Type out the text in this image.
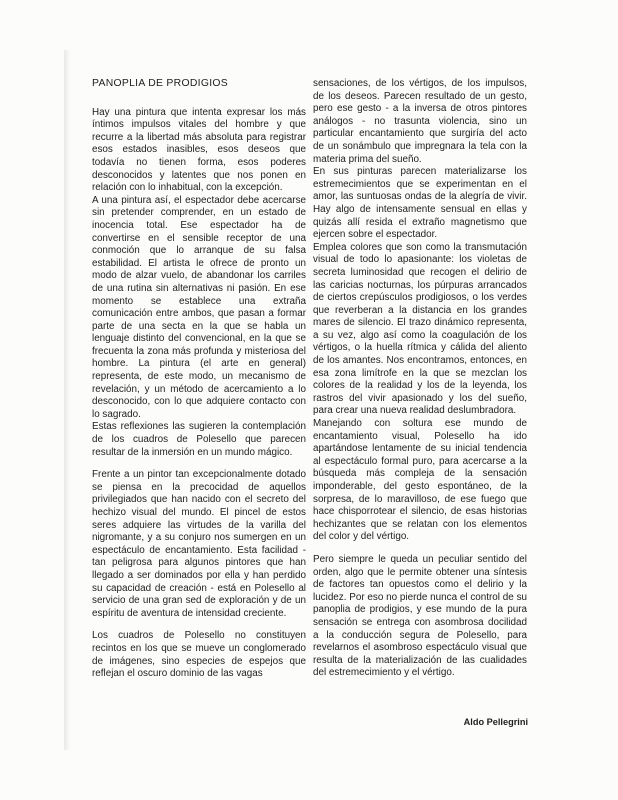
PANOPLIA DE PRODIGIOS

Hay una pintura que intenta expresar los más íntimos impulsos vitales del hombre y que recurre a la libertad más absoluta para registrar esos estados inasibles, esos deseos que todavía no tienen forma, esos poderes desconocidos y latentes que nos ponen en relación con lo inhabitual, con la excepción.

A una pintura así, el espectador debe acercarse sin pretender comprender, en un estado de inocencia total. Ese espectador ha de convertirse en el sensible receptor de una conmoción que lo arranque de su falsa estabilidad. El artista le ofrece de pronto un modo de alzar vuelo, de abandonar los carriles de una rutina sin alternativas ni pasión. En ese momento se establece una extraña comunicación entre ambos, que pasan a formar parte de una secta en la que se habla un lenguaje distinto del convencional, en la que se frecuenta la zona más profunda y misteriosa del hombre. La pintura (el arte en general) representa, de este modo, un mecanismo de revelación, y un método de acercamiento a lo desconocido, con lo que adquiere contacto con lo sagrado.

Estas reflexiones las sugieren la contemplación de los cuadros de Polesello que parecen resultar de la inmersión en un mundo mágico.

Frente a un pintor tan excepcionalmente dotado se piensa en la precocidad de aquellos privilegiados que han nacido con el secreto del hechizo visual del mundo. El pincel de estos seres adquiere las virtudes de la varilla del nigromante, y a su conjuro nos sumergen en un espectáculo de encantamiento. Esta facilidad - tan peligrosa para algunos pintores que han llegado a ser dominados por ella y han perdido su capacidad de creación - está en Polesello al servicio de una gran sed de exploración y de un espíritu de aventura de intensidad creciente.

Los cuadros de Polesello no constituyen recintos en los que se mueve un conglomerado de imágenes, sino especies de espejos que reflejan el oscuro dominio de las vagas

sensaciones, de los vértigos, de los impulsos, de los deseos. Parecen resultado de un gesto, pero ese gesto - a la inversa de otros pintores análogos - no trasunta violencia, sino un particular encantamiento que surgiría del acto de un sonámbulo que impregnara la tela con la materia prima del sueño.

En sus pinturas parecen materializarse los estremecimientos que se experimentan en el amor, las suntuosas ondas de la alegría de vivir. Hay algo de intensamente sensual en ellas y quizás allí resida el extraño magnetismo que ejercen sobre el espectador.

Emplea colores que son como la transmutación visual de todo lo apasionante: los violetas de secreta luminosidad que recogen el delirio de las caricias nocturnas, los púrpuras arrancados de ciertos crepúsculos prodigiosos, o los verdes que reverberan a la distancia en los grandes mares de silencio. El trazo dinámico representa, a su vez, algo así como la coagulación de los vértigos, o la huella rítmica y cálida del aliento de los amantes. Nos encontramos, entonces, en esa zona limítrofe en la que se mezclan los colores de la realidad y los de la leyenda, los rastros del vivir apasionado y los del sueño, para crear una nueva realidad deslumbradora.

Manejando con soltura ese mundo de encantamiento visual, Polesello ha ido apartándose lentamente de su inicial tendencia al espectáculo formal puro, para acercarse a la búsqueda más compleja de la sensación imponderable, del gesto espontáneo, de la sorpresa, de lo maravilloso, de ese fuego que hace chisporrotear el silencio, de esas historias hechizantes que se relatan con los elementos del color y del vértigo.

Pero siempre le queda un peculiar sentido del orden, algo que le permite obtener una síntesis de factores tan opuestos como el delirio y la lucidez. Por eso no pierde nunca el control de su panoplia de prodigios, y ese mundo de la pura sensación se entrega con asombrosa docilidad a la conducción segura de Polesello, para revelarnos el asombroso espectáculo visual que resulta de la materialización de las cualidades del estremecimiento y el vértigo.

Aldo Pellegrini
